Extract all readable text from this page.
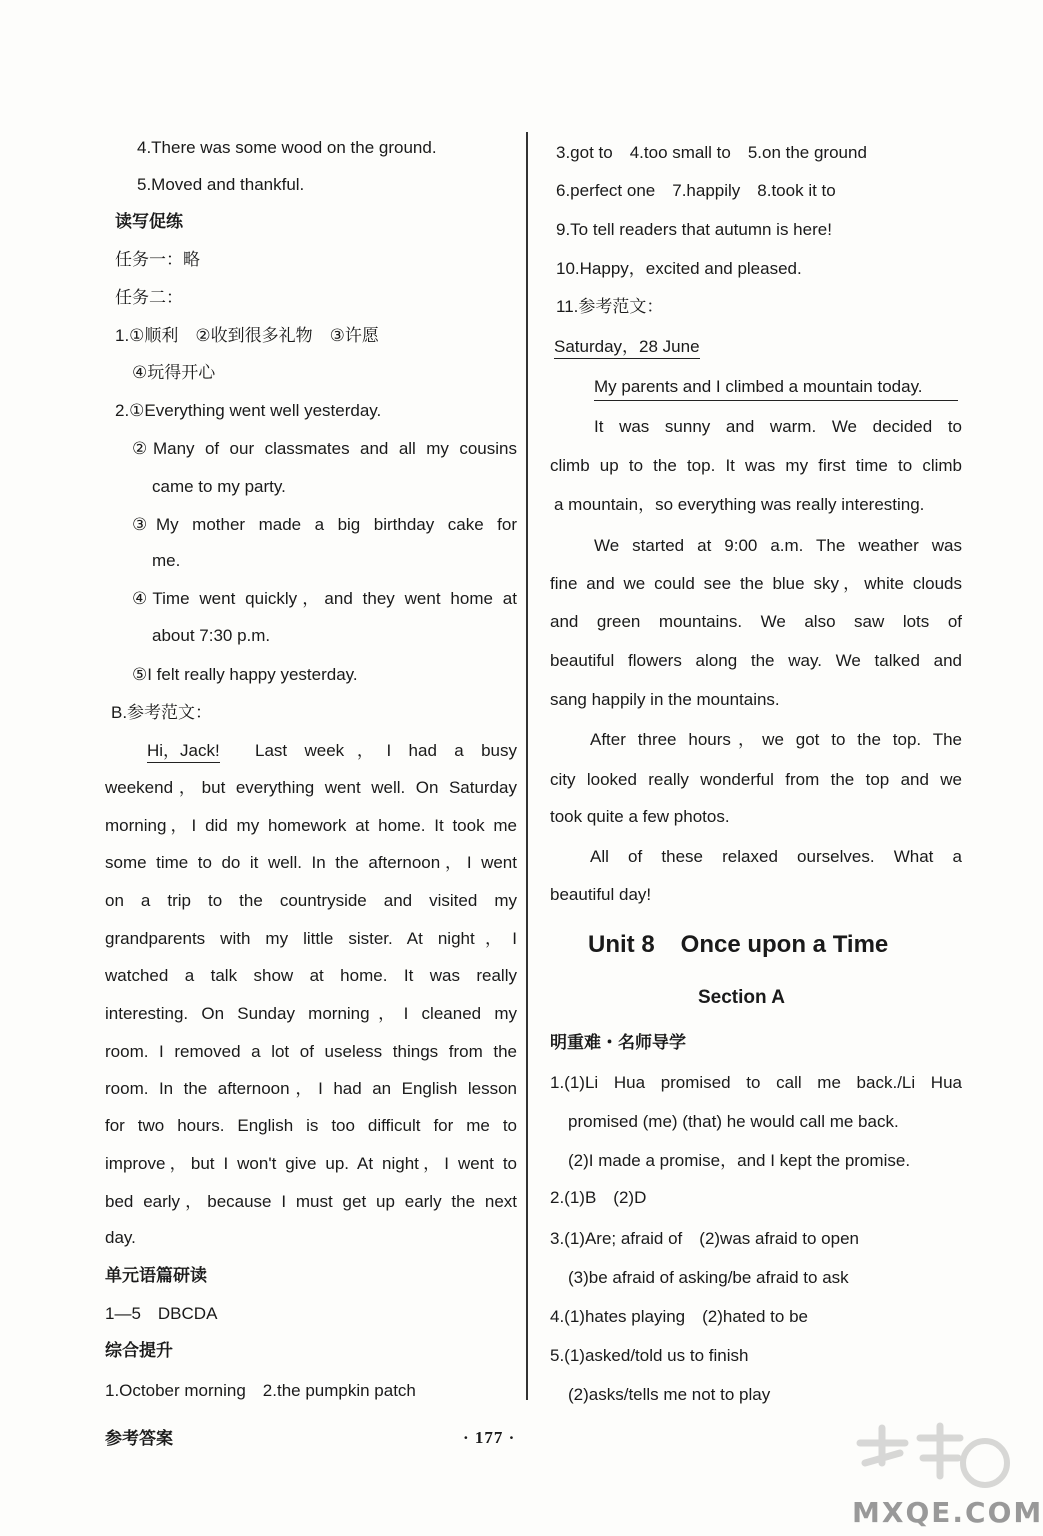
4.There was some wood on the ground.
5.Moved and thankful.
读写促练
任务一：略
任务二：
1.①顺利　②收到很多礼物　③许愿
④玩得开心
2.①Everything went well yesterday.
②Many of our classmates and all my cousins
came to my party.
③My mother made a big birthday cake for
me.
④Time went quickly，and they went home at
about 7:30 p.m.
⑤I felt really happy yesterday.
B.参考范文：
Hi，Jack! Last week，I had a busy
weekend，but everything went well. On Saturday
morning，I did my homework at home. It took me
some time to do it well. In the afternoon，I went
on a trip to the countryside and visited my
grandparents with my little sister. At night，I
watched a talk show at home. It was really
interesting. On Sunday morning，I cleaned my
room. I removed a lot of useless things from the
room. In the afternoon，I had an English lesson
for two hours. English is too difficult for me to
improve，but I won't give up. At night，I went to
bed early，because I must get up early the next
day.
单元语篇研读
1—5　DBCDA
综合提升
1.October morning　2.the pumpkin patch
3.got to　4.too small to　5.on the ground
6.perfect one　7.happily　8.took it to
9.To tell readers that autumn is here!
10.Happy，excited and pleased.
11.参考范文：
Saturday，28 June
My parents and I climbed a mountain today.
It was sunny and warm. We decided to
climb up to the top. It was my first time to climb
a mountain，so everything was really interesting.
We started at 9:00 a.m. The weather was
fine and we could see the blue sky，white clouds
and green mountains. We also saw lots of
beautiful flowers along the way. We talked and
sang happily in the mountains.
After three hours，we got to the top. The
city looked really wonderful from the top and we
took quite a few photos.
All of these relaxed ourselves. What a
beautiful day!
Unit 8 Once upon a Time
Section A
明重难・名师导学
1.(1)Li Hua promised to call me back./Li Hua
promised (me) (that) he would call me back.
(2)I made a promise，and I kept the promise.
2.(1)B　(2)D
3.(1)Are; afraid of　(2)was afraid to open
(3)be afraid of asking/be afraid to ask
4.(1)hates playing　(2)hated to be
5.(1)asked/told us to finish
(2)asks/tells me not to play
参考答案	· 177 ·
MXQE.COM
